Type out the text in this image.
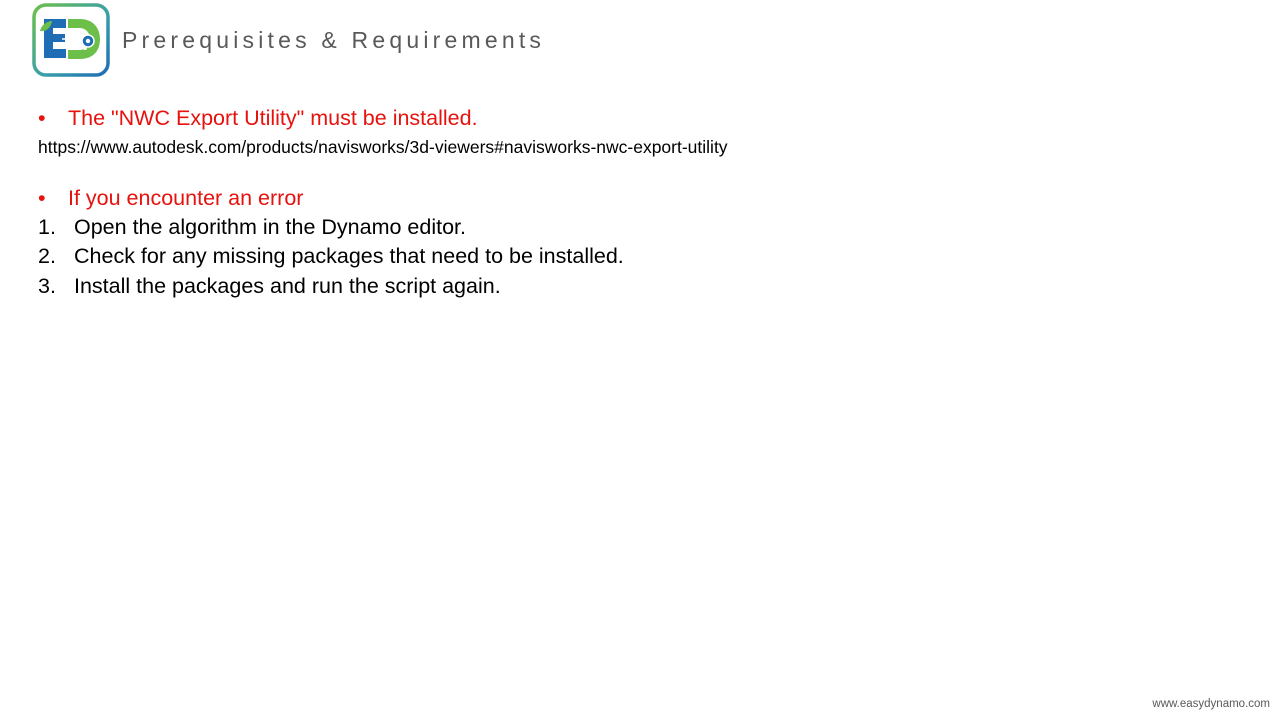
Prerequisites & Requirements
•	The "NWC Export Utility" must be installed.
https://www.autodesk.com/products/navisworks/3d-viewers#navisworks-nwc-export-utility
•	If you encounter an error
1. Open the algorithm in the Dynamo editor.
2. Check for any missing packages that need to be installed.
3. Install the packages and run the script again.
www.easydynamo.com
